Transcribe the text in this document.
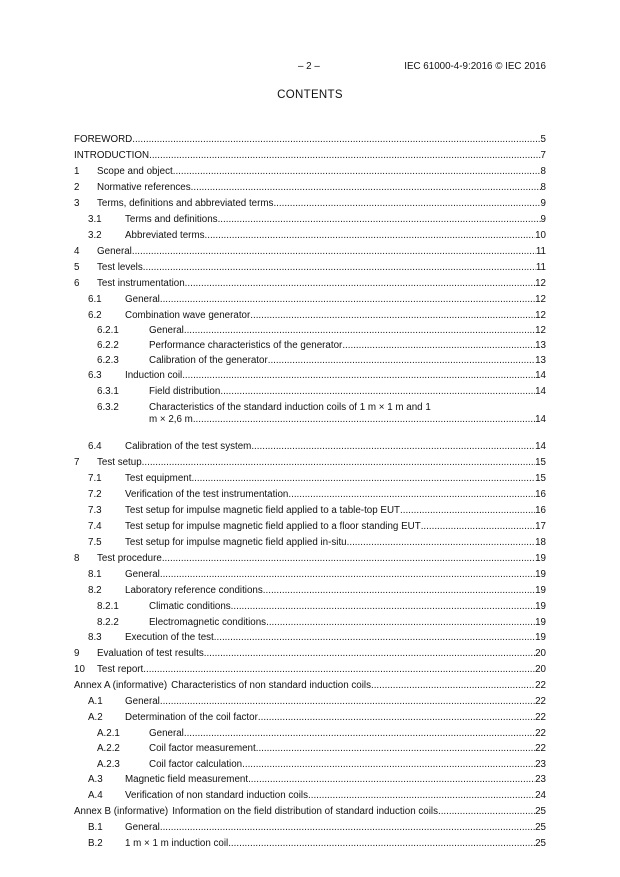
– 2 –	IEC 61000-4-9:2016 © IEC 2016
CONTENTS
FOREWORD .....	5
INTRODUCTION .....	7
1	Scope and object .....	8
2	Normative references .....	8
3	Terms, definitions and abbreviated terms .....	9
3.1	Terms and definitions .....	9
3.2	Abbreviated terms .....	10
4	General .....	11
5	Test levels .....	11
6	Test instrumentation .....	12
6.1	General .....	12
6.2	Combination wave generator .....	12
6.2.1	General .....	12
6.2.2	Performance characteristics of the generator .....	13
6.2.3	Calibration of the generator .....	13
6.3	Induction coil .....	14
6.3.1	Field distribution .....	14
6.3.2	Characteristics of the standard induction coils of 1 m × 1 m and 1
m × 2,6 m .....	14
6.4	Calibration of the test system .....	14
7	Test setup .....	15
7.1	Test equipment .....	15
7.2	Verification of the test instrumentation .....	16
7.3	Test setup for impulse magnetic field applied to a table-top EUT .....	16
7.4	Test setup for impulse magnetic field applied to a floor standing EUT .....	17
7.5	Test setup for impulse magnetic field applied in-situ .....	18
8	Test procedure .....	19
8.1	General .....	19
8.2	Laboratory reference conditions .....	19
8.2.1	Climatic conditions .....	19
8.2.2	Electromagnetic conditions .....	19
8.3	Execution of the test .....	19
9	Evaluation of test results .....	20
10	Test report .....	20
Annex A (informative) Characteristics of non standard induction coils .....	22
A.1	General .....	22
A.2	Determination of the coil factor .....	22
A.2.1	General .....	22
A.2.2	Coil factor measurement .....	22
A.2.3	Coil factor calculation .....	23
A.3	Magnetic field measurement .....	23
A.4	Verification of non standard induction coils .....	24
Annex B (informative) Information on the field distribution of standard induction coils .....	25
B.1	General .....	25
B.2	1 m × 1 m induction coil .....	25
